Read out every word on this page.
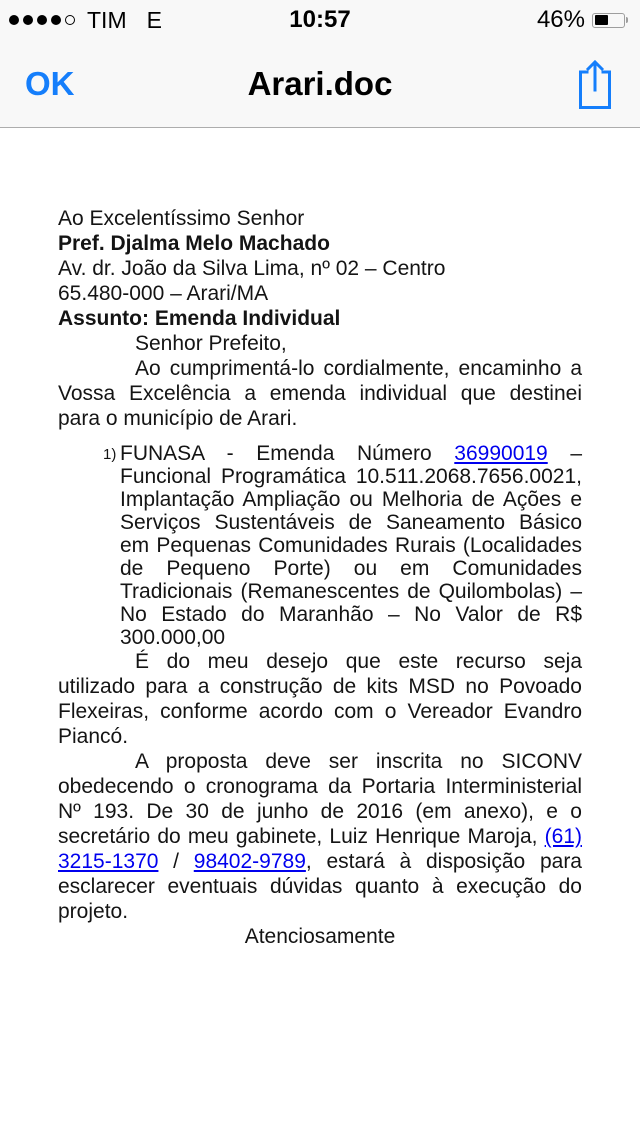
TIM E	10:57	46%
OK	Arari.doc

Ao Excelentíssimo Senhor

Pref. Djalma Melo Machado

Av. dr. João da Silva Lima, nº 02 – Centro

65.480-000 – Arari/MA

Assunto: Emenda Individual

Senhor Prefeito,

Ao cumprimentá-lo cordialmente, encaminho a Vossa Excelência a emenda individual que destinei para o município de Arari.

1) FUNASA - Emenda Número 36990019 – Funcional Programática 10.511.2068.7656.0021, Implantação Ampliação ou Melhoria de Ações e Serviços Sustentáveis de Saneamento Básico em Pequenas Comunidades Rurais (Localidades de Pequeno Porte) ou em Comunidades Tradicionais (Remanescentes de Quilombolas) – No Estado do Maranhão – No Valor de R$ 300.000,00

É do meu desejo que este recurso seja utilizado para a construção de kits MSD no Povoado Flexeiras, conforme acordo com o Vereador Evandro Piancó.

A proposta deve ser inscrita no SICONV obedecendo o cronograma da Portaria Interministerial Nº 193. De 30 de junho de 2016 (em anexo), e o secretário do meu gabinete, Luiz Henrique Maroja, (61) 3215-1370 / 98402-9789, estará à disposição para esclarecer eventuais dúvidas quanto à execução do projeto.

Atenciosamente
